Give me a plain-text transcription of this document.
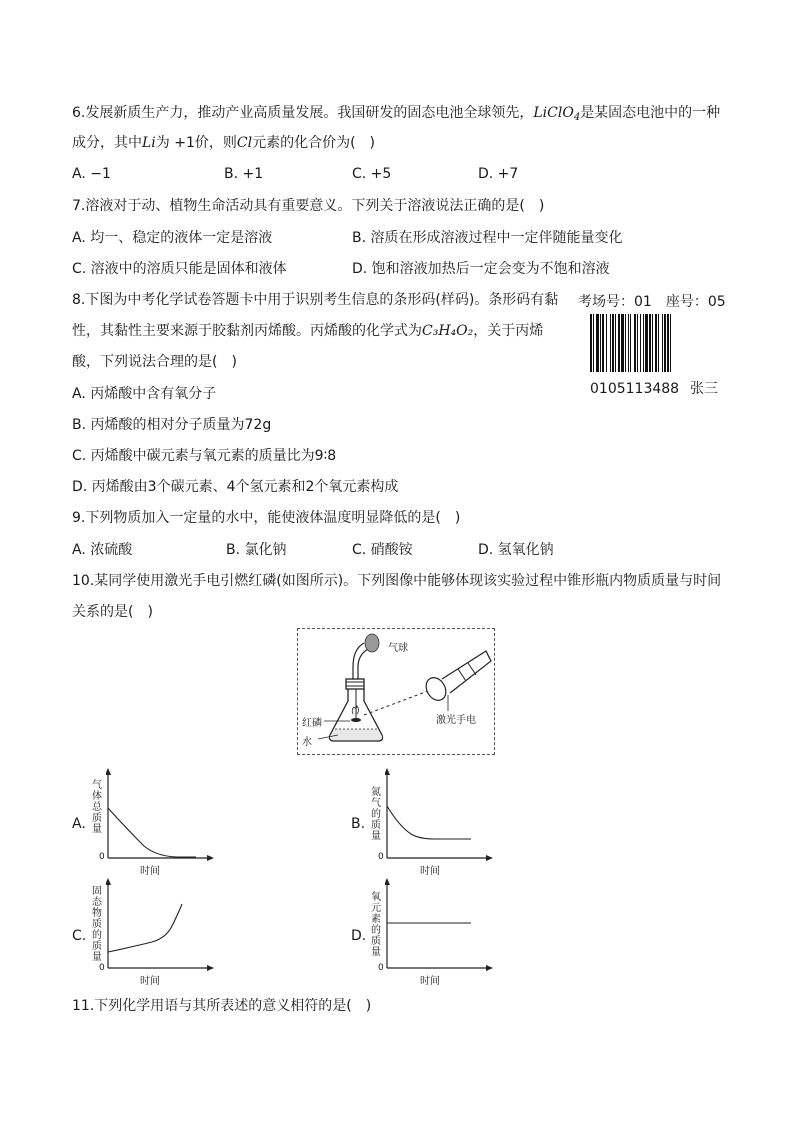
6.发展新质生产力，推动产业高质量发展。我国研发的固态电池全球领先，LiClO$_4$是某固态电池中的一种
成分，其中Li为 +1价，则Cl元素的化合价为(　)
A. −1	B. +1	C. +5	D. +7
7.溶液对于动、植物生命活动具有重要意义。下列关于溶液说法正确的是(　)
A. 均一、稳定的液体一定是溶液	B. 溶质在形成溶液过程中一定伴随能量变化
C. 溶液中的溶质只能是固体和液体	D. 饱和溶液加热后一定会变为不饱和溶液
8.下图为中考化学试卷答题卡中用于识别考生信息的条形码(样码)。条形码有黏
性，其黏性主要来源于胶黏剂丙烯酸。丙烯酸的化学式为C₃H₄O₂，关于丙烯
酸，下列说法合理的是(　)
A. 丙烯酸中含有氧分子
B. 丙烯酸的相对分子质量为72g
C. 丙烯酸中碳元素与氧元素的质量比为9∶8
D. 丙烯酸由3个碳元素、4个氢元素和2个氧元素构成
考场号：01　座号：05
0105113488 张三
9.下列物质加入一定量的水中，能使液体温度明显降低的是(　)
A. 浓硫酸	B. 氯化钠	C. 硝酸铵	D. 氢氧化钠
10.某同学使用激光手电引燃红磷(如图所示)。下列图像中能够体现该实验过程中锥形瓶内物质质量与时间
关系的是(　)
气球
红磷
水
激光手电
A.
气体总质量
0
时间
B.
氮气的质量
0
时间
C.
固态物质的质量
0
时间
D.
氧元素的质量
0
时间
11.下列化学用语与其所表述的意义相符的是(　)
